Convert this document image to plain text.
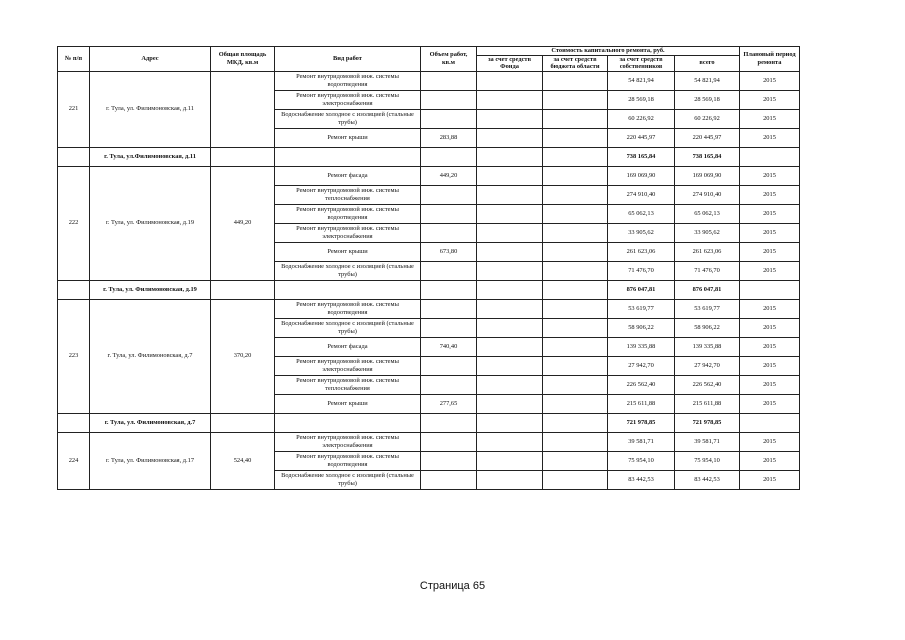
№ п/п	Адрес	Общая площадь МКД, кв.м	Вид работ	Объем работ, кв.м	Стоимость капитального ремонта, руб.				Плановый период ремонта
					за счет средств Фонда	за счет средств бюджета области	за счет средств собственников	всего	
221	г. Тула, ул. Филимоновская, д.11		Ремонт внутридомовой инж. системы водоотведения				54 821,94	54 821,94	2015
			Ремонт внутридомовой инж. системы электроснабжения				28 569,18	28 569,18	2015
			Водоснабжение холодное с изоляцией (стальные трубы)				60 226,92	60 226,92	2015
			Ремонт крыши	283,88			220 445,97	220 445,97	2015
	г. Тула, ул.Филимоновская, д.11						738 165,84	738 165,84	
222	г. Тула, ул. Филимоновская, д.19	449,20	Ремонт фасада	449,20			169 069,90	169 069,90	2015
			Ремонт внутридомовой инж. системы теплоснабжения				274 910,40	274 910,40	2015
			Ремонт внутридомовой инж. системы водоотведения				65 062,13	65 062,13	2015
			Ремонт внутридомовой инж. системы электроснабжения				33 905,62	33 905,62	2015
			Ремонт крыши	673,80			261 623,06	261 623,06	2015
			Водоснабжение холодное с изоляцией (стальные трубы)				71 476,70	71 476,70	2015
	г. Тула, ул. Филимоновская, д.19						876 047,81	876 047,81	
223	г. Тула, ул. Филимоновская, д.7	370,20	Ремонт внутридомовой инж. системы водоотведения				53 619,77	53 619,77	2015
			Водоснабжение холодное с изоляцией (стальные трубы)				58 906,22	58 906,22	2015
			Ремонт фасада	740,40			139 335,88	139 335,88	2015
			Ремонт внутридомовой инж. системы электроснабжения				27 942,70	27 942,70	2015
			Ремонт внутридомовой инж. системы теплоснабжения				226 562,40	226 562,40	2015
			Ремонт крыши	277,65			215 611,88	215 611,88	2015
	г. Тула, ул. Филимоновская, д.7						721 978,85	721 978,85	
224	г. Тула, ул. Филимоновская, д.17	524,40	Ремонт внутридомовой инж. системы электроснабжения				39 581,71	39 581,71	2015
			Ремонт внутридомовой инж. системы водоотведения				75 954,10	75 954,10	2015
			Водоснабжение холодное с изоляцией (стальные трубы)				83 442,53	83 442,53	2015
Страница 65
